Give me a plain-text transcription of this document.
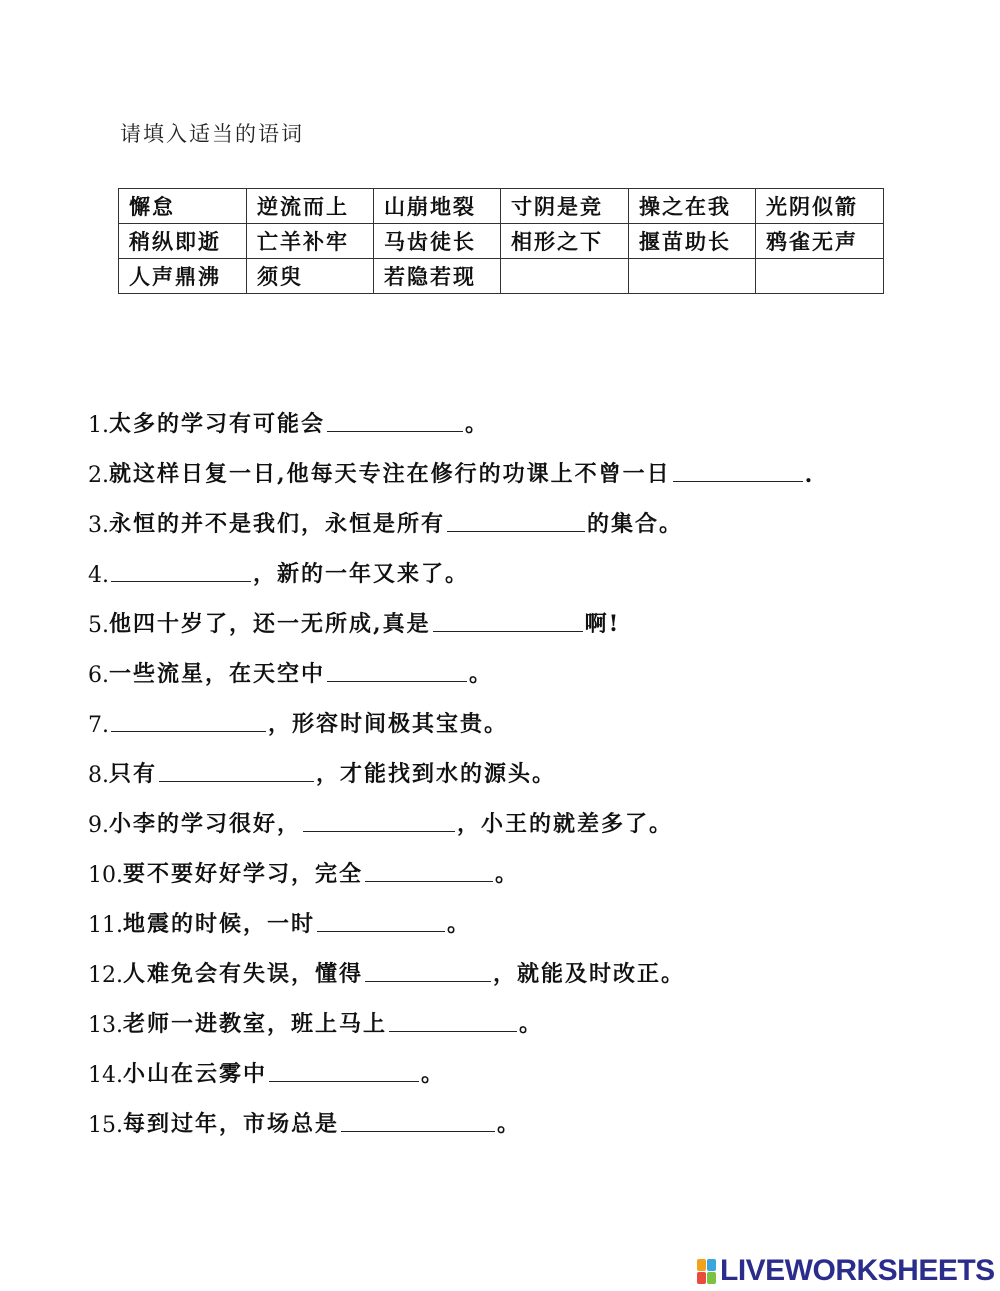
请填入适当的语词
懈怠	逆流而上	山崩地裂	寸阴是竞	操之在我	光阴似箭
稍纵即逝	亡羊补牢	马齿徒长	相形之下	揠苗助长	鸦雀无声
人声鼎沸	须臾	若隐若现			
1. 太多的学习有可能会	。
2. 就这样日复一日,他每天专注在修行的功课上不曾一日	.
3. 永恒的并不是我们，永恒是所有	的集合。
4.	，新的一年又来了。
5. 他四十岁了，还一无所成,真是	啊!
6. 一些流星，在天空中	。
7.	，形容时间极其宝贵。
8. 只有	，才能找到水的源头。
9. 小李的学习很好，	，小王的就差多了。
10. 要不要好好学习，完全	。
11. 地震的时候，一时	。
12. 人难免会有失误，懂得	，就能及时改正。
13. 老师一进教室，班上马上	。
14. 小山在云雾中	。
15. 每到过年，市场总是	。
LIVEWORKSHEETS
